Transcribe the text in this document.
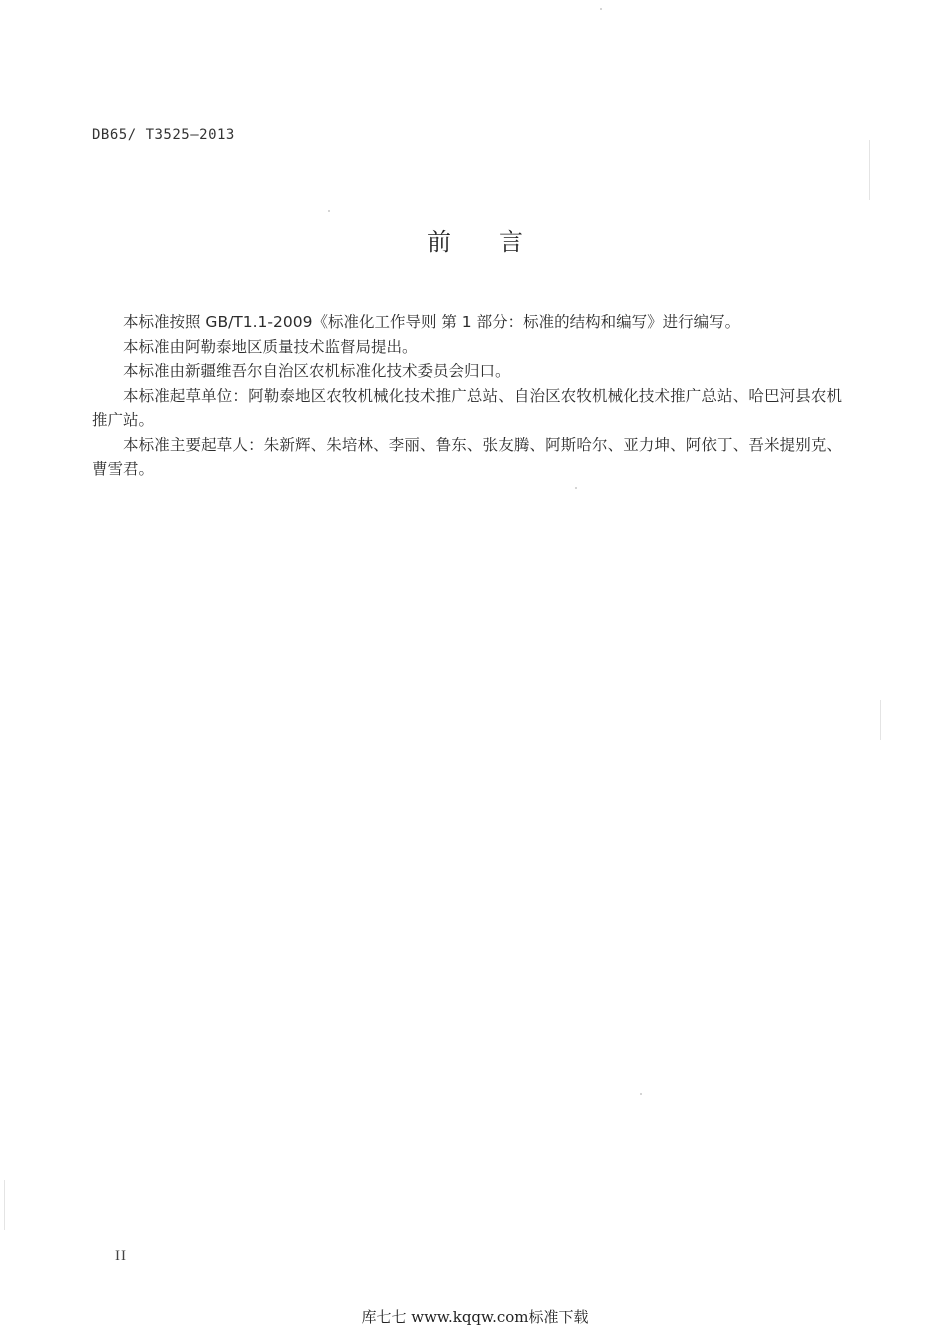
DB65/ T3525—2013
前言

本标准按照 GB/T1.1-2009《标准化工作导则 第 1 部分：标准的结构和编写》进行编写。

本标准由阿勒泰地区质量技术监督局提出。

本标准由新疆维吾尔自治区农机标准化技术委员会归口。

本标准起草单位：阿勒泰地区农牧机械化技术推广总站、自治区农牧机械化技术推广总站、哈巴河县农机推广站。

本标准主要起草人：朱新辉、朱培林、李丽、鲁东、张友腾、阿斯哈尔、亚力坤、阿依丁、吾米提别克、曹雪君。

II
库七七 www.kqqw.com标准下载
